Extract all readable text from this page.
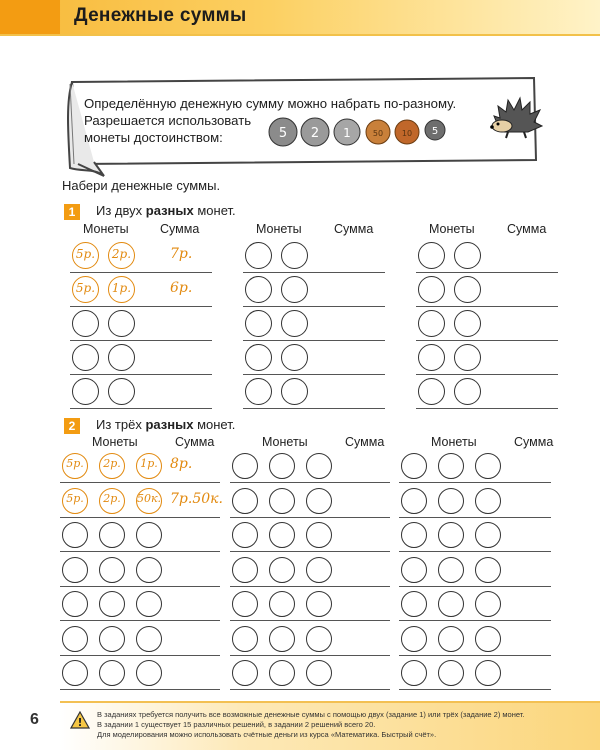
Денежные суммы
Определённую денежную сумму можно набрать по-разному.
Разрешается использовать
монеты достоинством:	5 2 1	50 10 5
Набери денежные суммы.
1 Из двух разных монет.
2 Из трёх разных монет.
6	!
В заданиях требуется получить все возможные денежные суммы с помощью двух (задание 1) или трёх (задание 2) монет.
В задании 1 существует 15 различных решений, в задании 2 решений всего 20.
Для моделирования можно использовать счётные деньги из курса «Математика. Быстрый счёт».
Монеты	Сумма
5р.	2р.	7р.
5р.	1р.	6р.
Монеты	Сумма	Монеты	Сумма
Монеты	Сумма
5р.	2р.	1р. 8р.
5р.	2р.	50к. 7р.50к.
Монеты	Сумма	Монеты	Сумма
